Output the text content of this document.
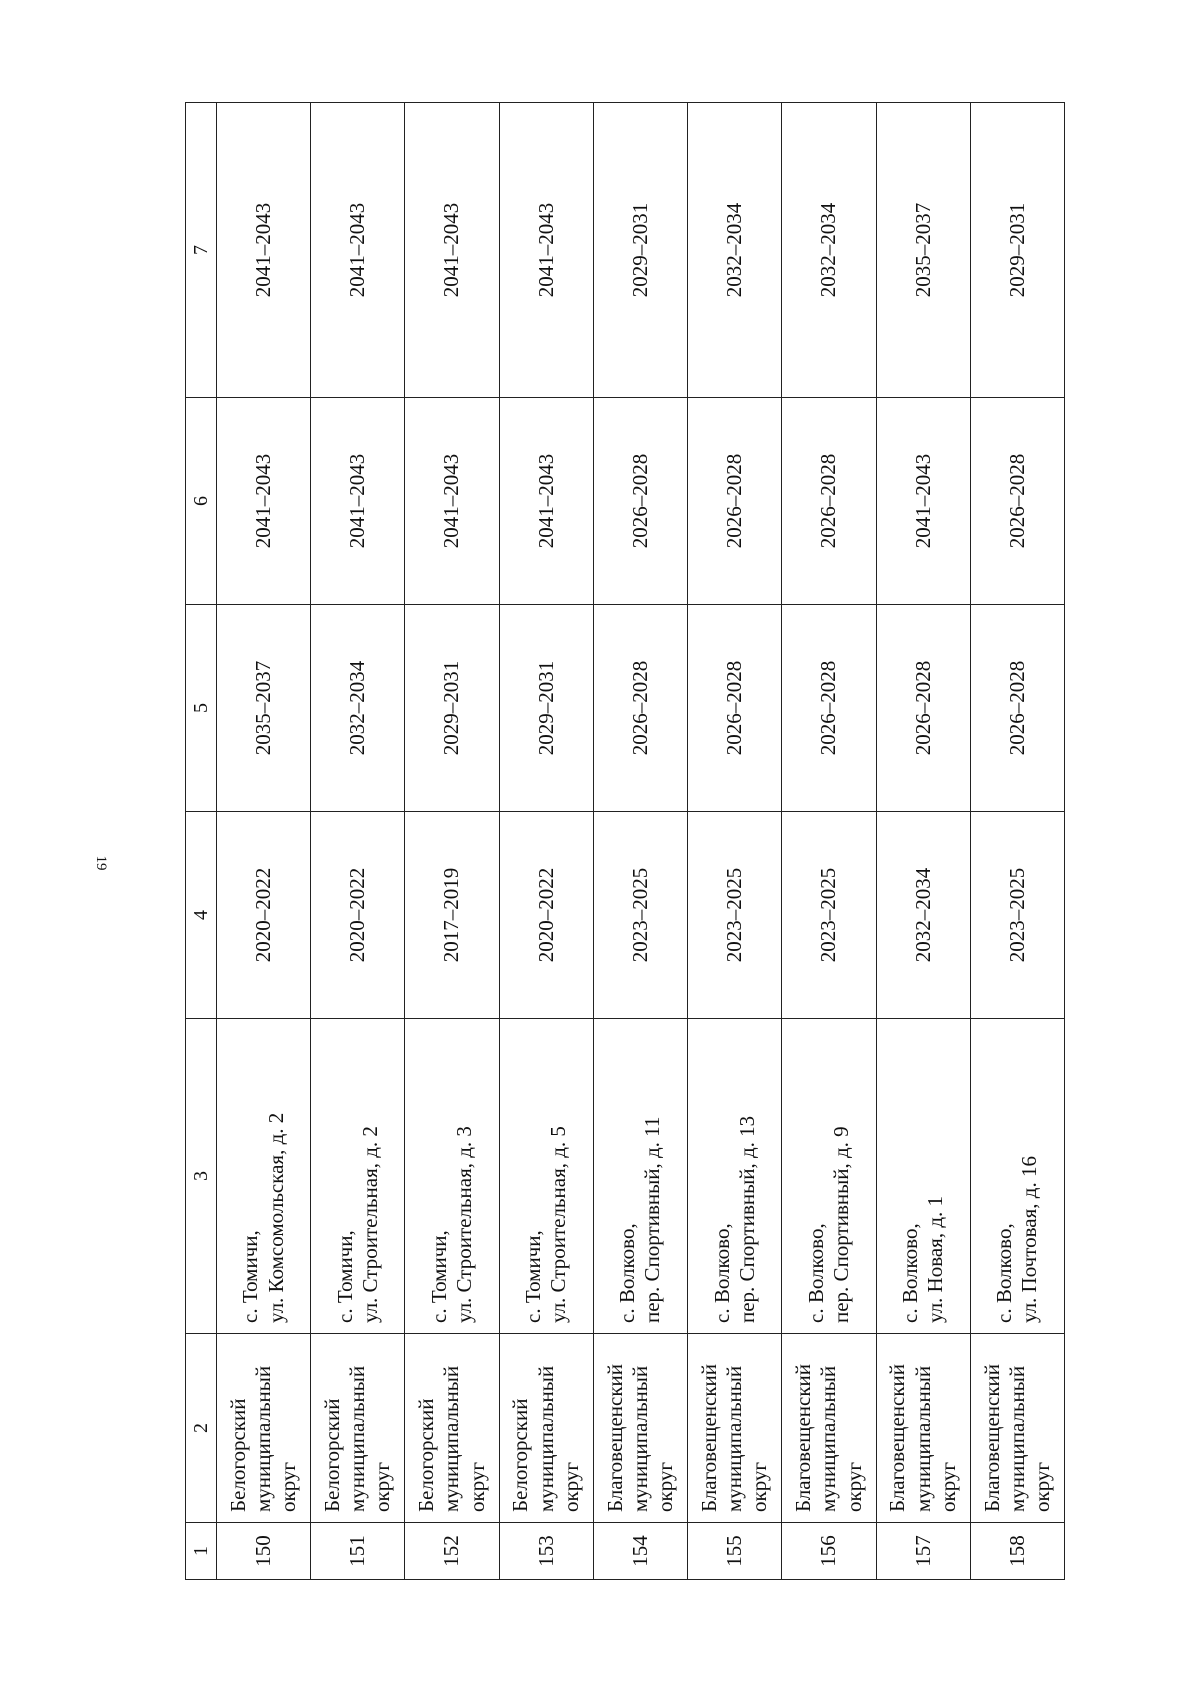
19
1	2	3	4	5	6	7
150	Белогорский муниципальный округ	с. Томичи, ул. Комсомольская, д. 2	2020–2022	2035–2037	2041–2043	2041–2043
151	Белогорский муниципальный округ	с. Томичи, ул. Строительная, д. 2	2020–2022	2032–2034	2041–2043	2041–2043
152	Белогорский муниципальный округ	с. Томичи, ул. Строительная, д. 3	2017–2019	2029–2031	2041–2043	2041–2043
153	Белогорский муниципальный округ	с. Томичи, ул. Строительная, д. 5	2020–2022	2029–2031	2041–2043	2041–2043
154	Благовещенский муниципальный округ	с. Волково, пер. Спортивный, д. 11	2023–2025	2026–2028	2026–2028	2029–2031
155	Благовещенский муниципальный округ	с. Волково, пер. Спортивный, д. 13	2023–2025	2026–2028	2026–2028	2032–2034
156	Благовещенский муниципальный округ	с. Волково, пер. Спортивный, д. 9	2023–2025	2026–2028	2026–2028	2032–2034
157	Благовещенский муниципальный округ	с. Волково, ул. Новая, д. 1	2032–2034	2026–2028	2041–2043	2035–2037
158	Благовещенский муниципальный округ	с. Волково, ул. Почтовая, д. 16	2023–2025	2026–2028	2026–2028	2029–2031
